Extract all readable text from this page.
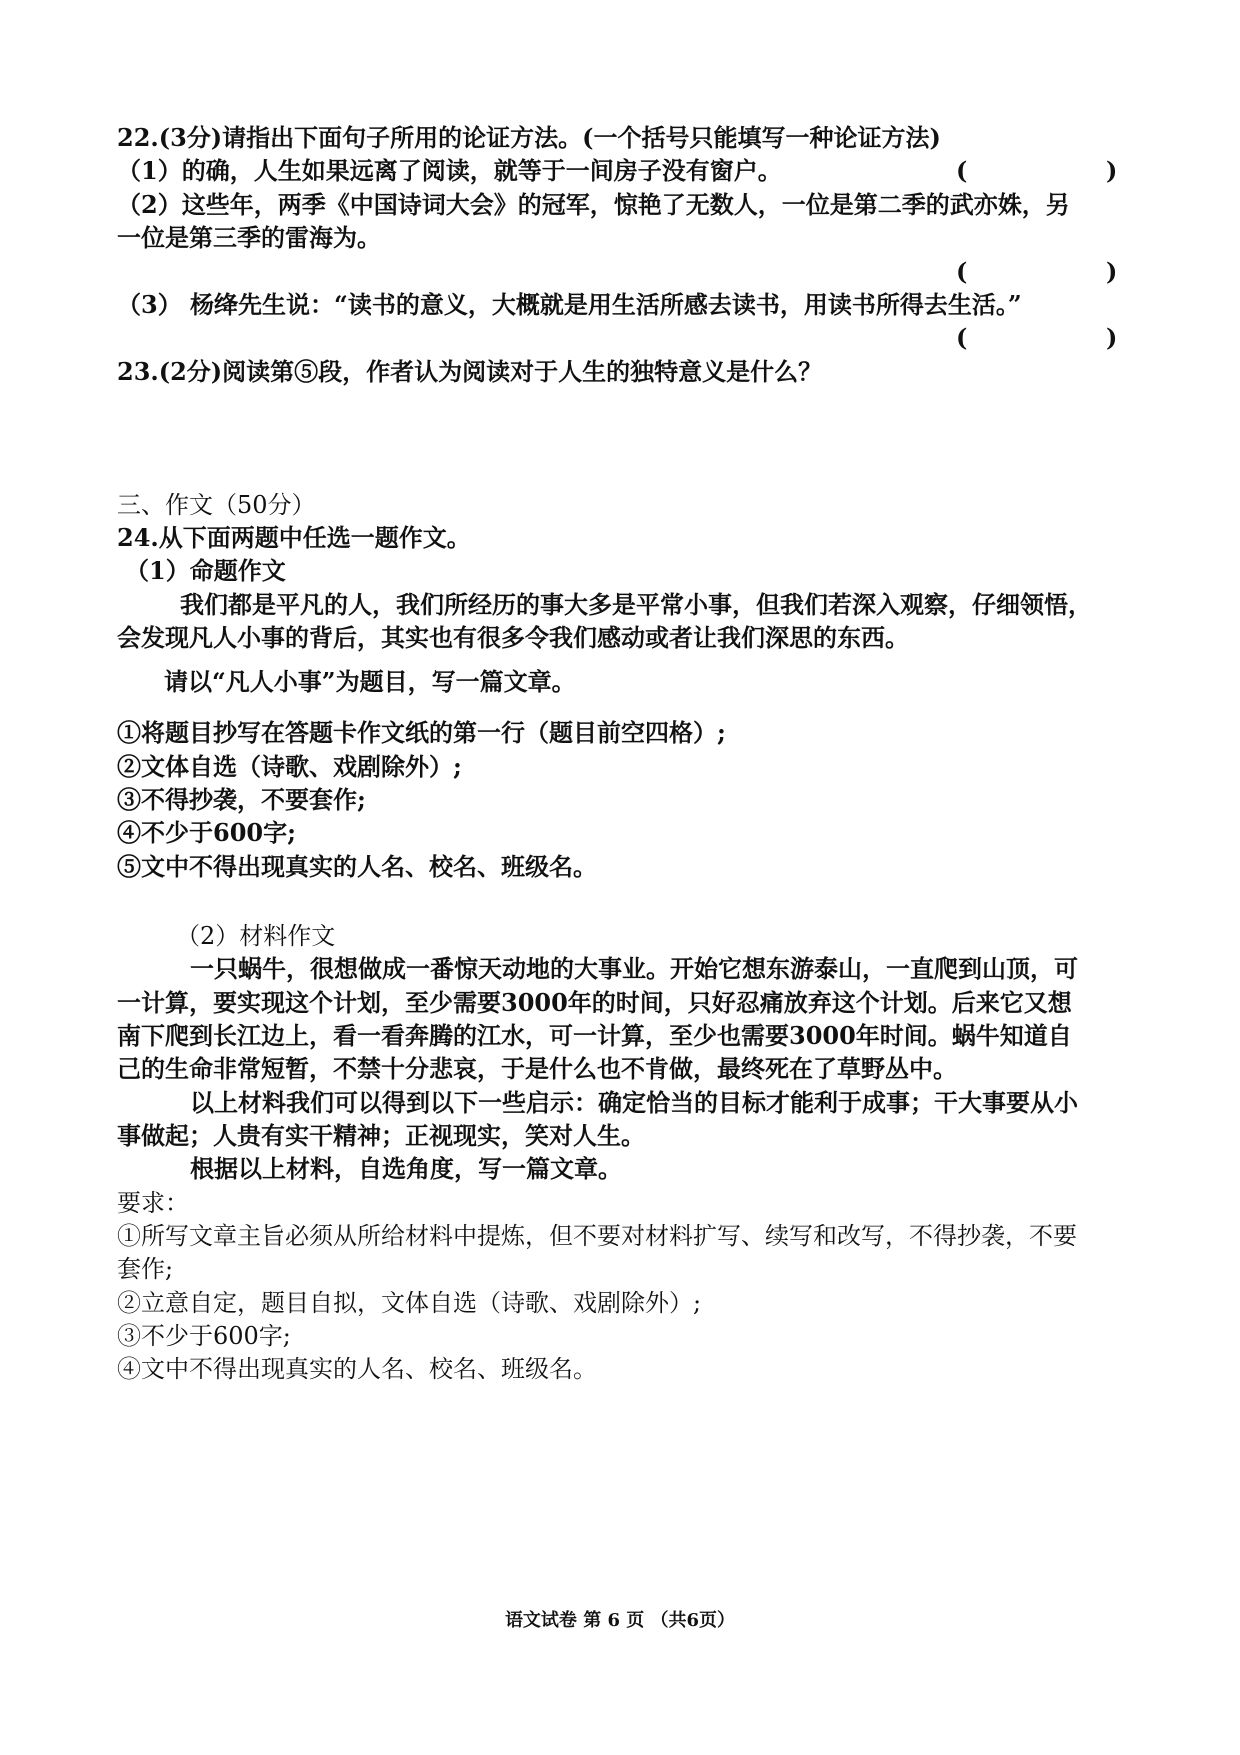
22.(3分)请指出下面句子所用的论证方法。(一个括号只能填写一种论证方法)
（1）的确，人生如果远离了阅读，就等于一间房子没有窗户。	(	)
（2）这些年，两季《中国诗词大会》的冠军，惊艳了无数人，一位是第二季的武亦姝，另
一位是第三季的雷海为。
(	)
（3） 杨绛先生说：“读书的意义，大概就是用生活所感去读书，用读书所得去生活。”
(	)
23.(2分)阅读第⑤段，作者认为阅读对于人生的独特意义是什么？
三、作文（50分）
24.从下面两题中任选一题作文。
（1）命题作文
我们都是平凡的人，我们所经历的事大多是平常小事，但我们若深入观察，仔细领悟，
会发现凡人小事的背后，其实也有很多令我们感动或者让我们深思的东西。
请以“凡人小事”为题目，写一篇文章。
①将题目抄写在答题卡作文纸的第一行（题目前空四格）;
②文体自选（诗歌、戏剧除外）;
③不得抄袭，不要套作;
④不少于600字;
⑤文中不得出现真实的人名、校名、班级名。
（2）材料作文
一只蜗牛，很想做成一番惊天动地的大事业。开始它想东游泰山，一直爬到山顶，可
一计算，要实现这个计划，至少需要3000年的时间，只好忍痛放弃这个计划。后来它又想
南下爬到长江边上，看一看奔腾的江水，可一计算，至少也需要3000年时间。蜗牛知道自
己的生命非常短暂，不禁十分悲哀，于是什么也不肯做，最终死在了草野丛中。
以上材料我们可以得到以下一些启示：确定恰当的目标才能利于成事；干大事要从小
事做起；人贵有实干精神；正视现实，笑对人生。
根据以上材料，自选角度，写一篇文章。
要求：
①所写文章主旨必须从所给材料中提炼，但不要对材料扩写、续写和改写，不得抄袭，不要
套作;
②立意自定，题目自拟，文体自选（诗歌、戏剧除外）;
③不少于600字;
④文中不得出现真实的人名、校名、班级名。
语文试卷 第 6 页 （共6页）
